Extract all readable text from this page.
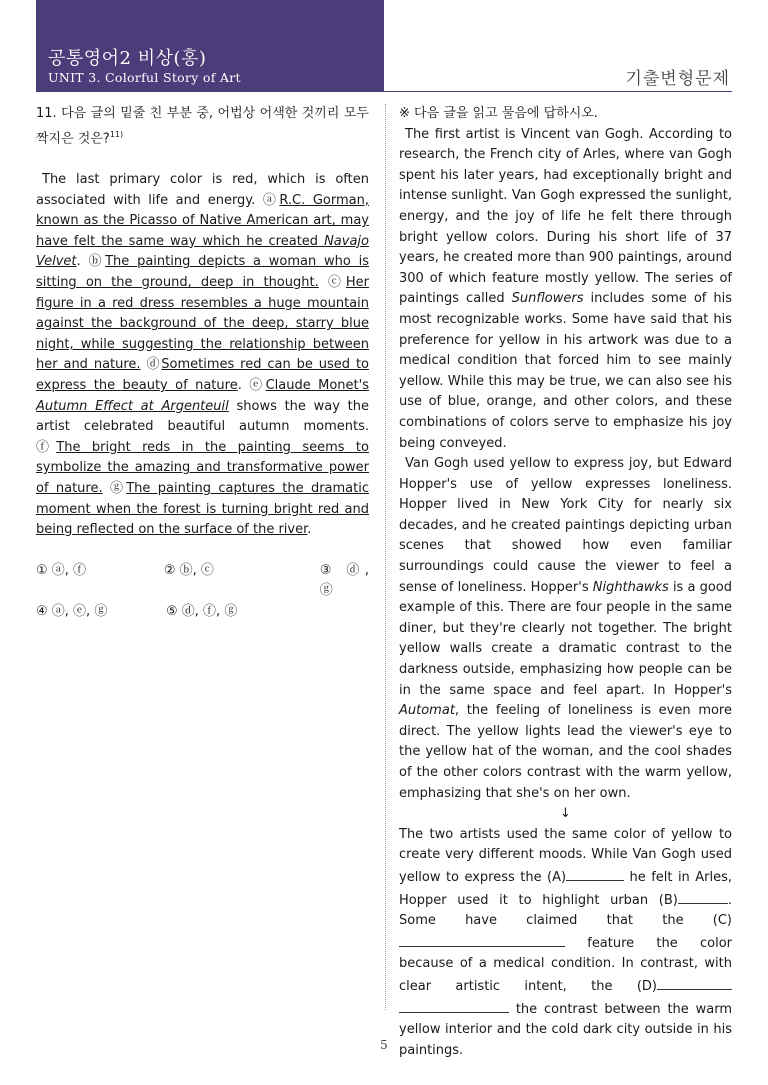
공통영어2 비상(홍)
UNIT 3. Colorful Story of Art	기출변형문제

11. 다음 글의 밑줄 친 부분 중, 어법상 어색한 것끼리 모두 짝지은 것은?$^{11)}$

The last primary color is red, which is often associated with life and energy. ⓐR.C. Gorman, known as the Picasso of Native American art, may have felt the same way which he created Navajo Velvet. ⓑThe painting depicts a woman who is sitting on the ground, deep in thought. ⓒHer figure in a red dress resembles a huge mountain against the background of the deep, starry blue night, while suggesting the relationship between her and nature. ⓓSometimes red can be used to express the beauty of nature. ⓔClaude Monet's Autumn Effect at Argenteuil shows the way the artist celebrated beautiful autumn moments. ⓕThe bright reds in the painting seems to symbolize the amazing and transformative power of nature. ⓖThe painting captures the dramatic moment when the forest is turning bright red and being reflected on the surface of the river.

① ⓐ, ⓕ	② ⓑ, ⓒ	③ ⓓ, ⓖ
④ ⓐ, ⓔ, ⓖ	⑤ ⓓ, ⓕ, ⓖ

※ 다음 글을 읽고 물음에 답하시오.

The first artist is Vincent van Gogh. According to research, the French city of Arles, where van Gogh spent his later years, had exceptionally bright and intense sunlight. Van Gogh expressed the sunlight, energy, and the joy of life he felt there through bright yellow colors. During his short life of 37 years, he created more than 900 paintings, around 300 of which feature mostly yellow. The series of paintings called Sunflowers includes some of his most recognizable works. Some have said that his preference for yellow in his artwork was due to a medical condition that forced him to see mainly yellow. While this may be true, we can also see his use of blue, orange, and other colors, and these combinations of colors serve to emphasize his joy being conveyed.

Van Gogh used yellow to express joy, but Edward Hopper's use of yellow expresses loneliness. Hopper lived in New York City for nearly six decades, and he created paintings depicting urban scenes that showed how even familiar surroundings could cause the viewer to feel a sense of loneliness. Hopper's Nighthawks is a good example of this. There are four people in the same diner, but they're clearly not together. The bright yellow walls create a dramatic contrast to the darkness outside, emphasizing how people can be in the same space and feel apart. In Hopper's Automat, the feeling of loneliness is even more direct. The yellow lights lead the viewer's eye to the yellow hat of the woman, and the cool shades of the other colors contrast with the warm yellow, emphasizing that she's on her own.

↓

The two artists used the same color of yellow to create very different moods. While Van Gogh used yellow to express the (A)	he felt in Arles, Hopper used it to highlight urban (B)	. Some have claimed that the (C) feature the color because of a medical condition. In contrast, with clear artistic intent, the (D) the contrast between the warm yellow interior and the cold dark city outside in his paintings.

5
